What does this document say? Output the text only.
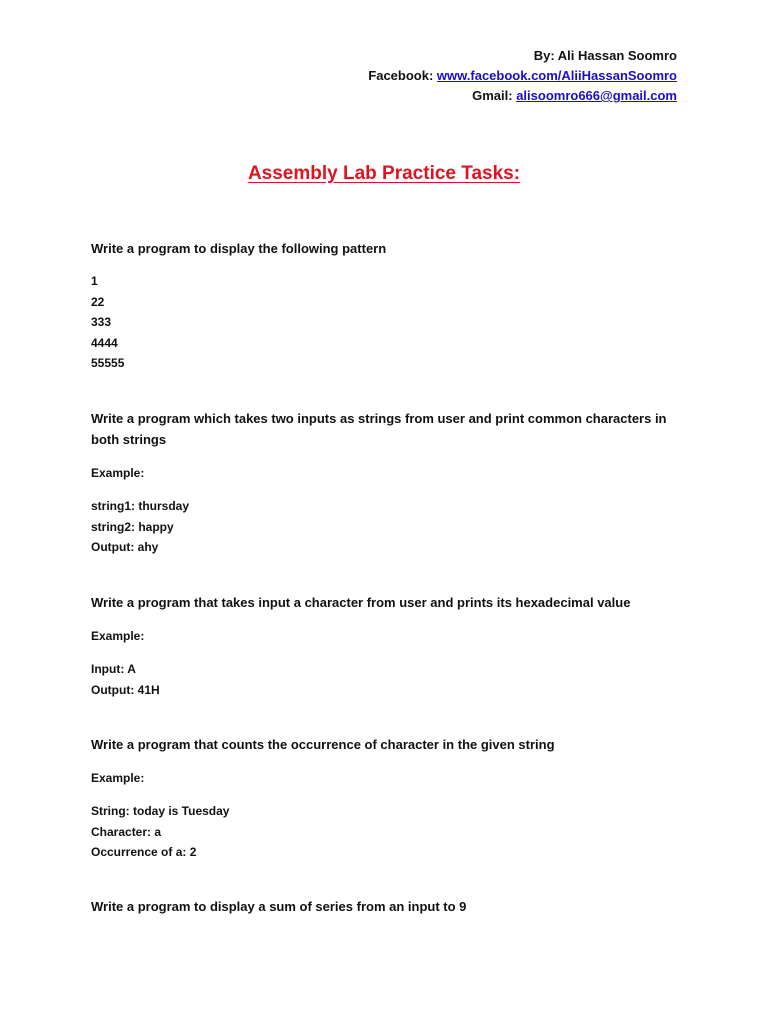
By: Ali Hassan Soomro
Facebook: www.facebook.com/AliiHassanSoomro
Gmail: alisoomro666@gmail.com
Assembly Lab Practice Tasks:
Write a program to display the following pattern
1
22
333
4444
55555
Write a program which takes two inputs as strings from user and print common characters in both strings
Example:
string1: thursday
string2: happy
Output: ahy
Write a program that takes input a character from user and prints its hexadecimal value
Example:
Input: A
Output: 41H
Write a program that counts the occurrence of character in the given string
Example:
String: today is Tuesday
Character: a
Occurrence of a: 2
Write a program to display a sum of series from an input to 9
